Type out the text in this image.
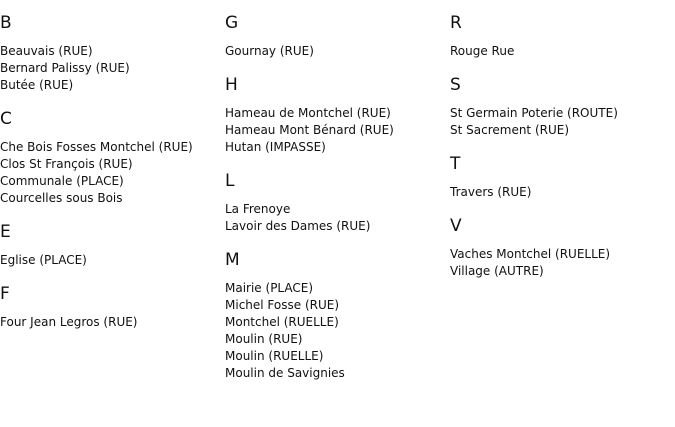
B
Beauvais (RUE)
Bernard Palissy (RUE)
Butée (RUE)
C
Che Bois Fosses Montchel (RUE)
Clos St François (RUE)
Communale (PLACE)
Courcelles sous Bois
E
Eglise (PLACE)
F
Four Jean Legros (RUE)
G
Gournay (RUE)
H
Hameau de Montchel (RUE)
Hameau Mont Bénard (RUE)
Hutan (IMPASSE)
L
La Frenoye
Lavoir des Dames (RUE)
M
Mairie (PLACE)
Michel Fosse (RUE)
Montchel (RUELLE)
Moulin (RUE)
Moulin (RUELLE)
Moulin de Savignies
R
Rouge Rue
S
St Germain Poterie (ROUTE)
St Sacrement (RUE)
T
Travers (RUE)
V
Vaches Montchel (RUELLE)
Village (AUTRE)
